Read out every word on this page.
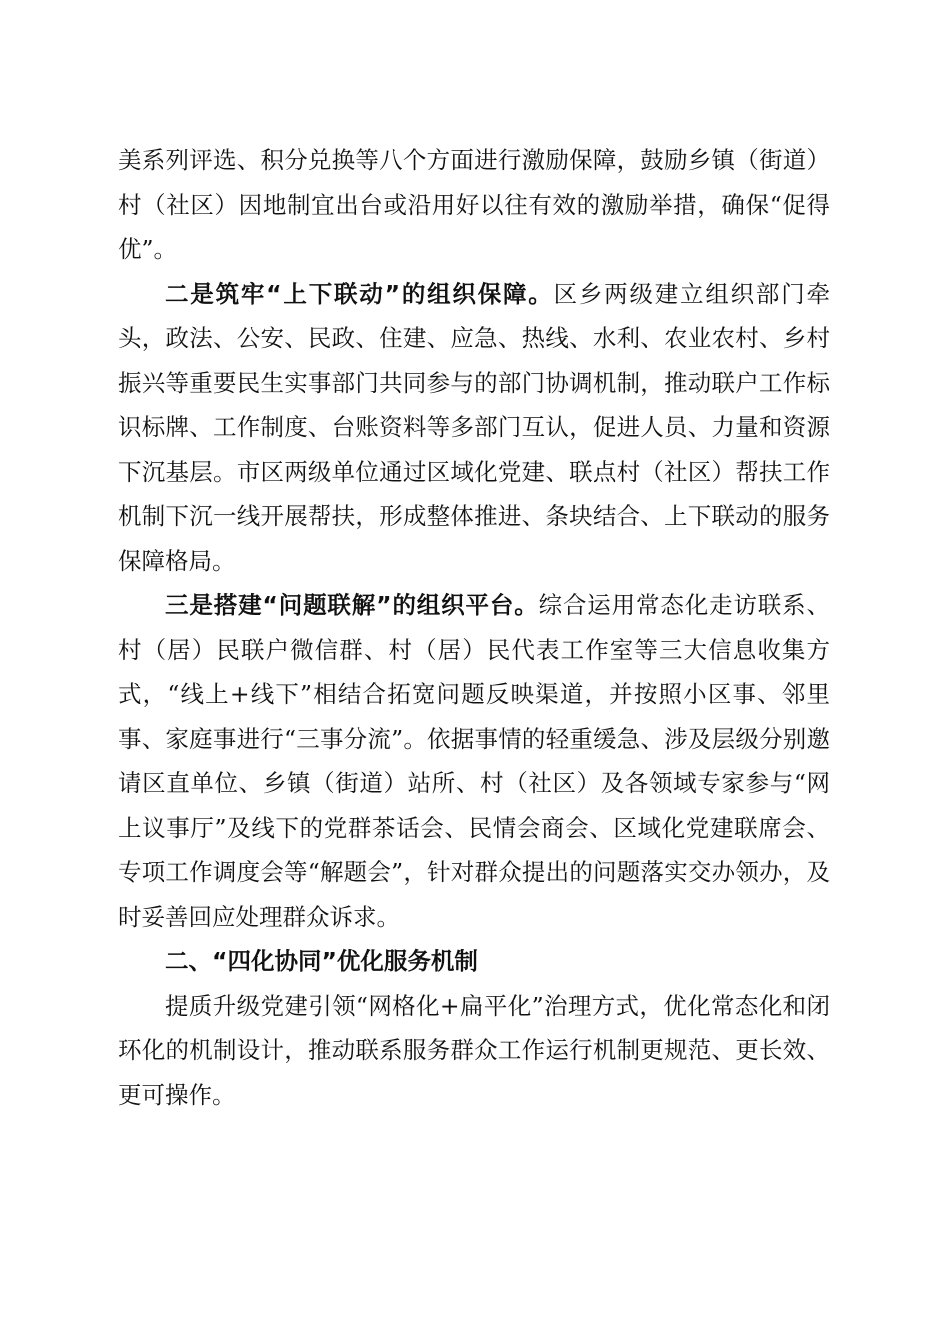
美系列评选、积分兑换等八个方面进行激励保障，鼓励乡镇（街道）村（社区）因地制宜出台或沿用好以往有效的激励举措，确保“促得优”。

二是筑牢“上下联动”的组织保障。区乡两级建立组织部门牵头，政法、公安、民政、住建、应急、热线、水利、农业农村、乡村振兴等重要民生实事部门共同参与的部门协调机制，推动联户工作标识标牌、工作制度、台账资料等多部门互认，促进人员、力量和资源下沉基层。市区两级单位通过区域化党建、联点村（社区）帮扶工作机制下沉一线开展帮扶，形成整体推进、条块结合、上下联动的服务保障格局。

三是搭建“问题联解”的组织平台。综合运用常态化走访联系、村（居）民联户微信群、村（居）民代表工作室等三大信息收集方式，“线上+线下”相结合拓宽问题反映渠道，并按照小区事、邻里事、家庭事进行“三事分流”。依据事情的轻重缓急、涉及层级分别邀请区直单位、乡镇（街道）站所、村（社区）及各领域专家参与“网上议事厅”及线下的党群茶话会、民情会商会、区域化党建联席会、专项工作调度会等“解题会”，针对群众提出的问题落实交办领办，及时妥善回应处理群众诉求。

二、“四化协同”优化服务机制

提质升级党建引领“网格化+扁平化”治理方式，优化常态化和闭环化的机制设计，推动联系服务群众工作运行机制更规范、更长效、更可操作。
